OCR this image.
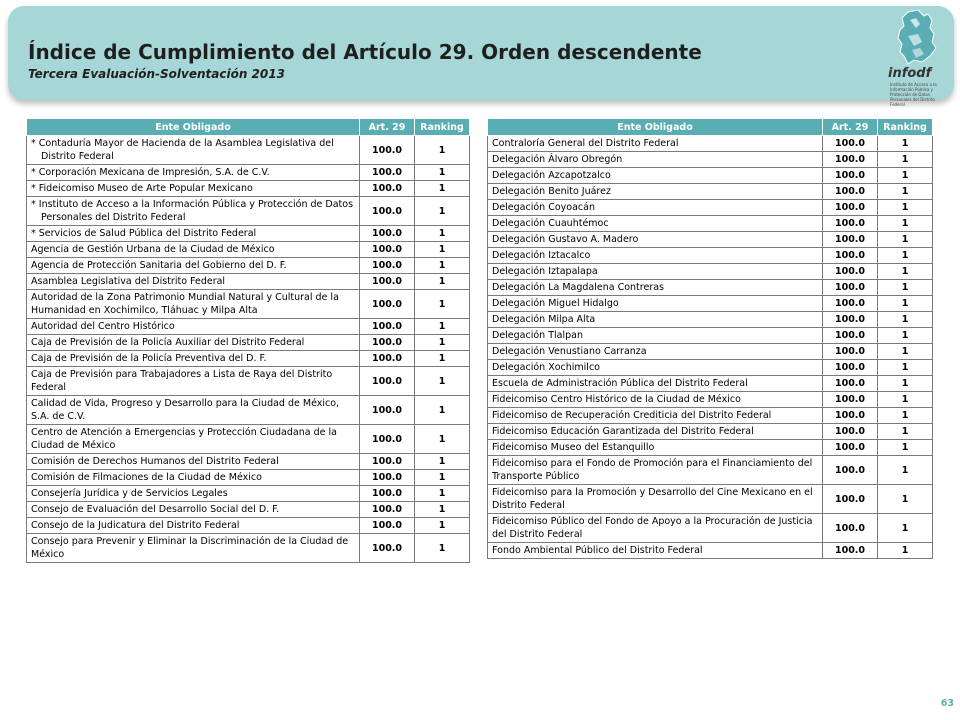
Índice de Cumplimiento del Artículo 29. Orden descendente
Tercera Evaluación-Solventación 2013	infodf
Instituto de Acceso a la Información Pública y Protección de Datos Personales del Distrito Federal
Ente Obligado	Art. 29	Ranking

* Contaduría Mayor de Hacienda de la Asamblea Legislativa del Distrito Federal	100.0	1

* Corporación Mexicana de Impresión, S.A. de C.V.	100.0	1

* Fideicomiso Museo de Arte Popular Mexicano	100.0	1

* Instituto de Acceso a la Información Pública y Protección de Datos Personales del Distrito Federal	100.0	1

* Servicios de Salud Pública del Distrito Federal	100.0	1
Agencia de Gestión Urbana de la Ciudad de México	100.0	1
Agencia de Protección Sanitaria del Gobierno del D. F.	100.0	1
Asamblea Legislativa del Distrito Federal	100.0	1
Autoridad de la Zona Patrimonio Mundial Natural y Cultural de la Humanidad en Xochimilco, Tláhuac y Milpa Alta	100.0	1
Autoridad del Centro Histórico	100.0	1
Caja de Previsión de la Policía Auxiliar del Distrito Federal	100.0	1
Caja de Previsión de la Policía Preventiva del D. F.	100.0	1
Caja de Previsión para Trabajadores a Lista de Raya del Distrito Federal	100.0	1
Calidad de Vida, Progreso y Desarrollo para la Ciudad de México, S.A. de C.V.	100.0	1
Centro de Atención a Emergencias y Protección Ciudadana de la Ciudad de México	100.0	1
Comisión de Derechos Humanos del Distrito Federal	100.0	1
Comisión de Filmaciones de la Ciudad de México	100.0	1
Consejería Jurídica y de Servicios Legales	100.0	1
Consejo de Evaluación del Desarrollo Social del D. F.	100.0	1
Consejo de la Judicatura del Distrito Federal	100.0	1
Consejo para Prevenir y Eliminar la Discriminación de la Ciudad de México	100.0	1
Ente Obligado	Art. 29	Ranking
Contraloría General del Distrito Federal	100.0	1
Delegación Álvaro Obregón	100.0	1
Delegación Azcapotzalco	100.0	1
Delegación Benito Juárez	100.0	1
Delegación Coyoacán	100.0	1
Delegación Cuauhtémoc	100.0	1
Delegación Gustavo A. Madero	100.0	1
Delegación Iztacalco	100.0	1
Delegación Iztapalapa	100.0	1
Delegación La Magdalena Contreras	100.0	1
Delegación Miguel Hidalgo	100.0	1
Delegación Milpa Alta	100.0	1
Delegación Tlalpan	100.0	1
Delegación Venustiano Carranza	100.0	1
Delegación Xochimilco	100.0	1
Escuela de Administración Pública del Distrito Federal	100.0	1
Fideicomiso Centro Histórico de la Ciudad de México	100.0	1
Fideicomiso de Recuperación Crediticia del Distrito Federal	100.0	1
Fideicomiso Educación Garantizada del Distrito Federal	100.0	1
Fideicomiso Museo del Estanquillo	100.0	1
Fideicomiso para el Fondo de Promoción para el Financiamiento del Transporte Público	100.0	1
Fideicomiso para la Promoción y Desarrollo del Cine Mexicano en el Distrito Federal	100.0	1
Fideicomiso Público del Fondo de Apoyo a la Procuración de Justicia del Distrito Federal	100.0	1
Fondo Ambiental Público del Distrito Federal	100.0	1
63
